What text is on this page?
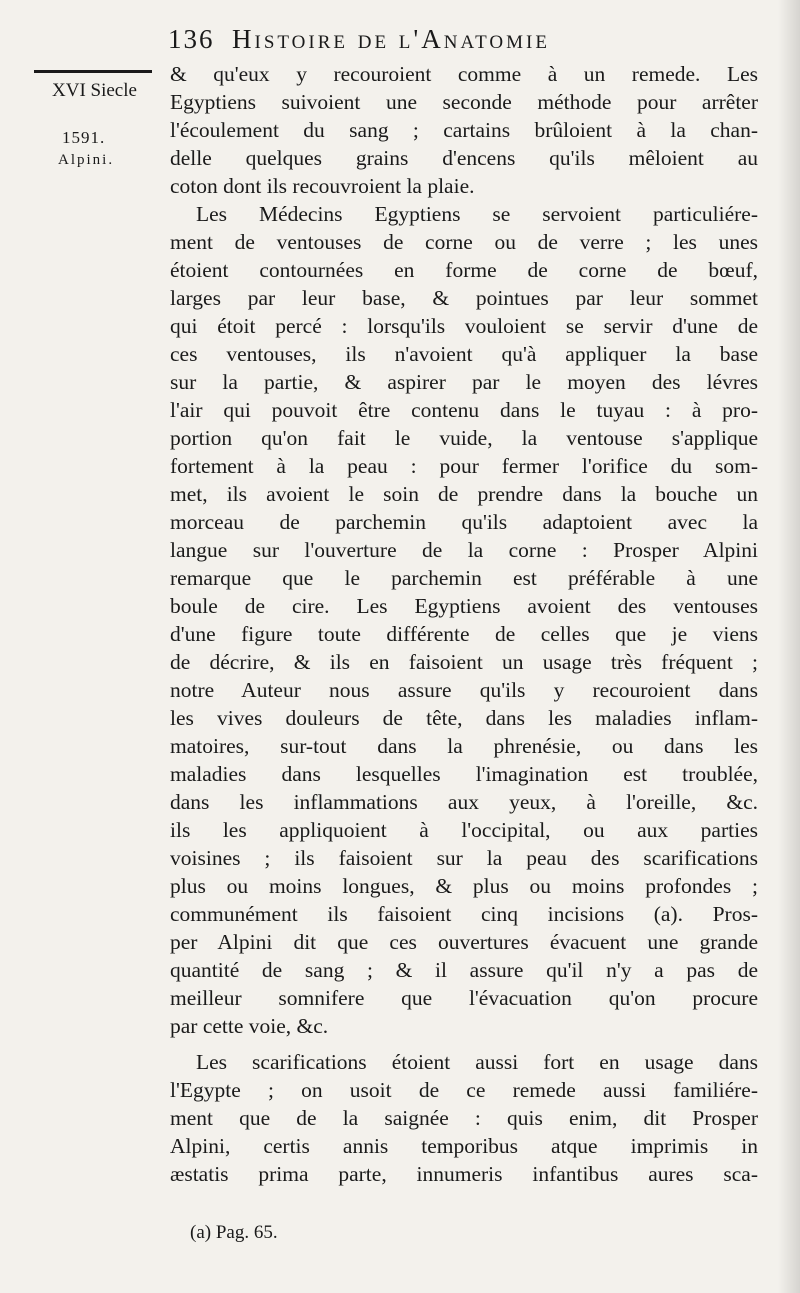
136 Histoire de l'Anatomie
XVI Siecle
1591.
Alpini.
& qu'eux y recouroient comme à un remede. Les
Egyptiens suivoient une seconde méthode pour arrêter
l'écoulement du sang ; cartains brûloient à la chan-
delle quelques grains d'encens qu'ils mêloient au
coton dont ils recouvroient la plaie.
Les Médecins Egyptiens se servoient particuliére-
ment de ventouses de corne ou de verre ; les unes
étoient contournées en forme de corne de bœuf,
larges par leur base, & pointues par leur sommet
qui étoit percé : lorsqu'ils vouloient se servir d'une de
ces ventouses, ils n'avoient qu'à appliquer la base
sur la partie, & aspirer par le moyen des lévres
l'air qui pouvoit être contenu dans le tuyau : à pro-
portion qu'on fait le vuide, la ventouse s'applique
fortement à la peau : pour fermer l'orifice du som-
met, ils avoient le soin de prendre dans la bouche un
morceau de parchemin qu'ils adaptoient avec la
langue sur l'ouverture de la corne : Prosper Alpini
remarque que le parchemin est préférable à une
boule de cire. Les Egyptiens avoient des ventouses
d'une figure toute différente de celles que je viens
de décrire, & ils en faisoient un usage très fréquent ;
notre Auteur nous assure qu'ils y recouroient dans
les vives douleurs de tête, dans les maladies inflam-
matoires, sur-tout dans la phrenésie, ou dans les
maladies dans lesquelles l'imagination est troublée,
dans les inflammations aux yeux, à l'oreille, &c.
ils les appliquoient à l'occipital, ou aux parties
voisines ; ils faisoient sur la peau des scarifications
plus ou moins longues, & plus ou moins profondes ;
communément ils faisoient cinq incisions (a). Pros-
per Alpini dit que ces ouvertures évacuent une grande
quantité de sang ; & il assure qu'il n'y a pas de
meilleur somnifere que l'évacuation qu'on procure
par cette voie, &c.
Les scarifications étoient aussi fort en usage dans
l'Egypte ; on usoit de ce remede aussi familiére-
ment que de la saignée : quis enim, dit Prosper
Alpini, certis annis temporibus atque imprimis in
æstatis prima parte, innumeris infantibus aures sca-
(a) Pag. 65.
